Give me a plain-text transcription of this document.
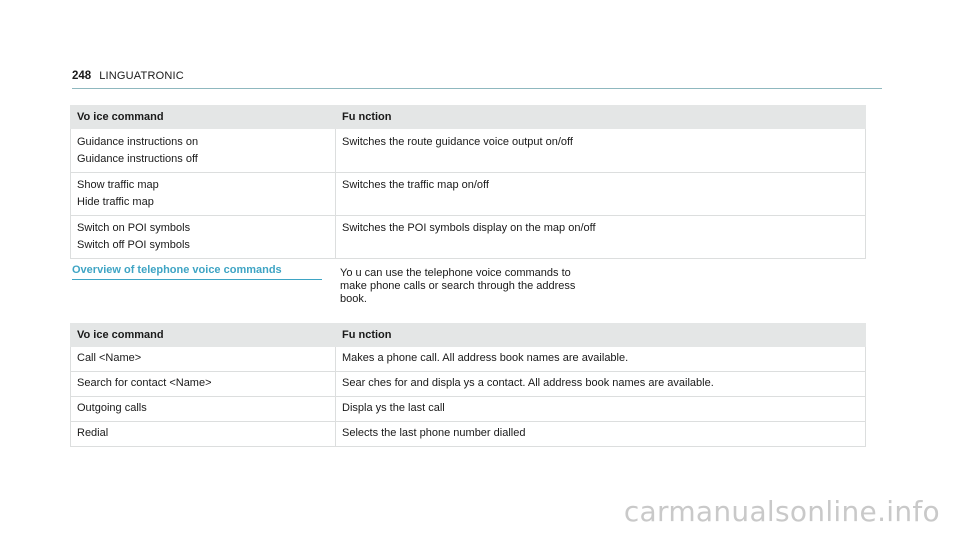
248 LINGUATRONIC
Vo ice command	Fu nction

Guidance instructions on
Guidance instructions off	Switches the route guidance voice output on/off

Show traffic map
Hide traffic map	Switches the traffic map on/off

Switch on POI symbols
Switch off POI symbols	Switches the POI symbols display on the map on/off
Overview of telephone voice commands	Yo u can use the telephone voice commands to
make phone calls or search through the address
book.
Vo ice command	Fu nction
Call <Name>	Makes a phone call. All address book names are available.
Search for contact <Name>	Sear ches for and displa ys a contact. All address book names are available.
Outgoing calls	Displa ys the last call
Redial	Selects the last phone number dialled
carmanualsonline.info
